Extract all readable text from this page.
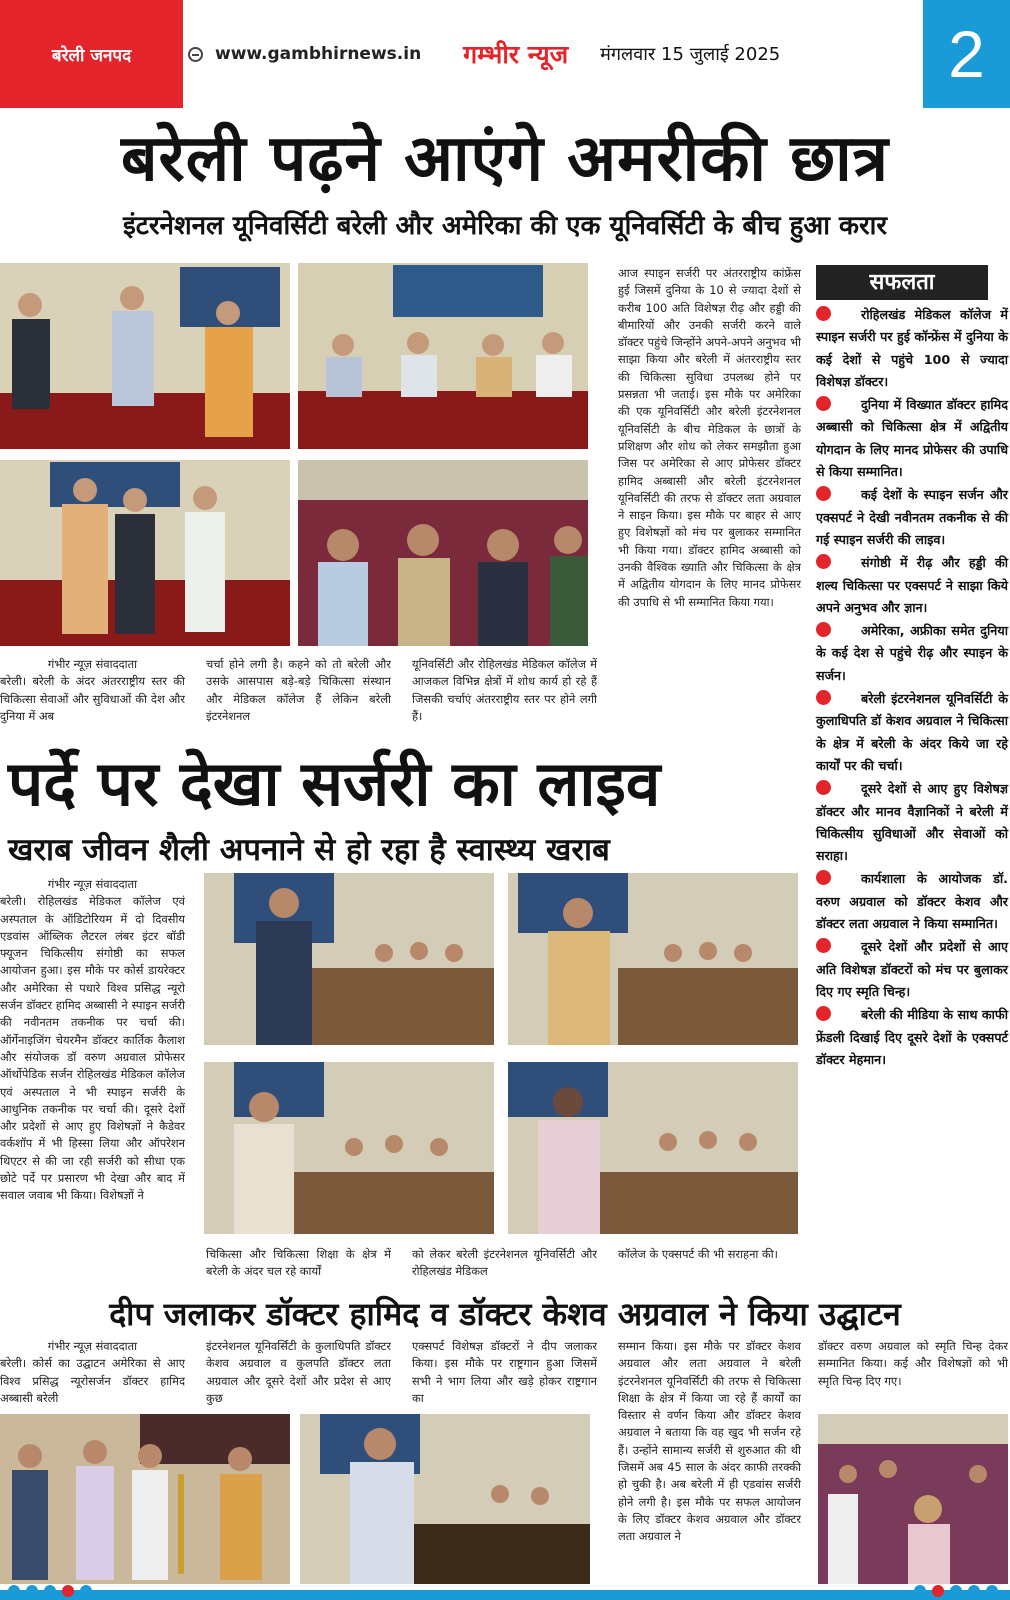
बरेली जनपद	www.gambhirnews.in गम्भीर न्यूज मंगलवार 15 जुलाई 2025	2
बरेली पढ़ने आएंगे अमरीकी छात्र
इंटरनेशनल यूनिवर्सिटी बरेली और अमेरिका की एक यूनिवर्सिटी के बीच हुआ करार
गंभीर न्यूज़ संवाददाता
बरेली। बरेली के अंदर अंतरराष्ट्रीय स्तर की चिकित्सा सेवाओं और सुविधाओं की देश और दुनिया में अब
चर्चा होने लगी है। कहने को तो बरेली और उसके आसपास बड़े-बड़े चिकित्सा संस्थान और मेडिकल कॉलेज हैं लेकिन बरेली इंटरनेशनल
यूनिवर्सिटी और रोहिलखंड मेडिकल कॉलेज में आजकल विभिन्न क्षेत्रों में शोध कार्य हो रहे हैं जिसकी चर्चाएं अंतरराष्ट्रीय स्तर पर होने लगी हैं।
आज स्पाइन सर्जरी पर अंतरराष्ट्रीय कांफ्रेंस हुई जिसमें दुनिया के 10 से ज्यादा देशों से करीब 100 अति विशेषज्ञ रीढ़ और हड्डी की बीमारियों और उनकी सर्जरी करने वाले डॉक्टर पहुंचे जिन्होंने अपने-अपने अनुभव भी साझा किया और बरेली में अंतरराष्ट्रीय स्तर की चिकित्सा सुविधा उपलब्ध होने पर प्रसन्नता भी जताई। इस मौके पर अमेरिका की एक यूनिवर्सिटी और बरेली इंटरनेशनल यूनिवर्सिटी के बीच मेडिकल के छात्रों के प्रशिक्षण और शोध को लेकर समझौता हुआ जिस पर अमेरिका से आए प्रोफेसर डॉक्टर हामिद अब्बासी और बरेली इंटरनेशनल यूनिवर्सिटी की तरफ से डॉक्टर लता अग्रवाल ने साइन किया। इस मौके पर बाहर से आए हुए विशेषज्ञों को मंच पर बुलाकर सम्मानित भी किया गया। डॉक्टर हामिद अब्बासी को उनकी वैश्विक ख्याति और चिकित्सा के क्षेत्र में अद्वितीय योगदान के लिए मानद प्रोफेसर की उपाधि से भी सम्मानित किया गया।
सफलता
रोहिलखंड मेडिकल कॉलेज में स्पाइन सर्जरी पर हुई कॉन्फ्रेंस में दुनिया के कई देशों से पहुंचे 100 से ज्यादा विशेषज्ञ डॉक्टर।
दुनिया में विख्यात डॉक्टर हामिद अब्बासी को चिकित्सा क्षेत्र में अद्वितीय योगदान के लिए मानद प्रोफेसर की उपाधि से किया सम्मानित।
कई देशों के स्पाइन सर्जन और एक्सपर्ट ने देखी नवीनतम तकनीक से की गई स्पाइन सर्जरी की लाइव।
संगोष्ठी में रीढ़ और हड्डी की शल्य चिकित्सा पर एक्सपर्ट ने साझा किये अपने अनुभव और ज्ञान।
अमेरिका, अफ्रीका समेत दुनिया के कई देश से पहुंचे रीढ़ और स्पाइन के सर्जन।
बरेली इंटरनेशनल यूनिवर्सिटी के कुलाधिपति डॉ केशव अग्रवाल ने चिकित्सा के क्षेत्र में बरेली के अंदर किये जा रहे कार्यों पर की चर्चा।
दूसरे देशों से आए हुए विशेषज्ञ डॉक्टर और मानव वैज्ञानिकों ने बरेली में चिकित्सीय सुविधाओं और सेवाओं को सराहा।
कार्यशाला के आयोजक डॉ. वरुण अग्रवाल को डॉक्टर केशव और डॉक्टर लता अग्रवाल ने किया सम्मानित।
दूसरे देशों और प्रदेशों से आए अति विशेषज्ञ डॉक्टरों को मंच पर बुलाकर दिए गए स्मृति चिन्ह।
बरेली की मीडिया के साथ काफी फ्रेंडली दिखाई दिए दूसरे देशों के एक्सपर्ट डॉक्टर मेहमान।
पर्दे पर देखा सर्जरी का लाइव
खराब जीवन शैली अपनाने से हो रहा है स्वास्थ्य खराब
गंभीर न्यूज़ संवाददाता
बरेली। रोहिलखंड मेडिकल कॉलेज एवं अस्पताल के ऑडिटोरियम में दो दिवसीय एडवांस ऑब्लिक लैटरल लंबर इंटर बॉडी फ्यूजन चिकित्सीय संगोष्ठी का सफल आयोजन हुआ। इस मौके पर कोर्स डायरेक्टर और अमेरिका से पधारे विश्व प्रसिद्ध न्यूरो सर्जन डॉक्टर हामिद अब्बासी ने स्पाइन सर्जरी की नवीनतम तकनीक पर चर्चा की। ऑर्गेनाइजिंग चेयरमैन डॉक्टर कार्तिक कैलाश और संयोजक डॉ वरुण अग्रवाल प्रोफेसर ऑर्थोपेडिक सर्जन रोहिलखंड मेडिकल कॉलेज एवं अस्पताल ने भी स्पाइन सर्जरी के आधुनिक तकनीक पर चर्चा की। दूसरे देशों और प्रदेशों से आए हुए विशेषज्ञों ने कैडेवर वर्कशॉप में भी हिस्सा लिया और ऑपरेशन थिएटर से की जा रही सर्जरी को सीधा एक छोटे पर्दे पर प्रसारण भी देखा और बाद में सवाल जवाब भी किया। विशेषज्ञों ने
चिकित्सा और चिकित्सा शिक्षा के क्षेत्र में बरेली के अंदर चल रहे कार्यों
को लेकर बरेली इंटरनेशनल यूनिवर्सिटी और रोहिलखंड मेडिकल
कॉलेज के एक्सपर्ट की भी सराहना की।
दीप जलाकर डॉक्टर हामिद व डॉक्टर केशव अग्रवाल ने किया उद्घाटन
गंभीर न्यूज़ संवाददाता
बरेली। कोर्स का उद्घाटन अमेरिका से आए विश्व प्रसिद्ध न्यूरोसर्जन डॉक्टर हामिद अब्बासी बरेली
इंटरनेशनल यूनिवर्सिटी के कुलाधिपति डॉक्टर केशव अग्रवाल व कुलपति डॉक्टर लता अग्रवाल और दूसरे देशों और प्रदेश से आए कुछ
एक्सपर्ट विशेषज्ञ डॉक्टरों ने दीप जलाकर किया। इस मौके पर राष्ट्रगान हुआ जिसमें सभी ने भाग लिया और खड़े होकर राष्ट्रगान का
सम्मान किया। इस मौके पर डॉक्टर केशव अग्रवाल और लता अग्रवाल ने बरेली इंटरनेशनल यूनिवर्सिटी की तरफ से चिकित्सा शिक्षा के क्षेत्र में किया जा रहे हैं कार्यों का विस्तार से वर्णन किया और डॉक्टर केशव अग्रवाल ने बताया कि वह खुद भी सर्जन रहे हैं। उन्होंने सामान्य सर्जरी से शुरुआत की थी जिसमें अब 45 साल के अंदर काफी तरक्की हो चुकी है। अब बरेली में ही एडवांस सर्जरी होने लगी है। इस मौके पर सफल आयोजन के लिए डॉक्टर केशव अग्रवाल और डॉक्टर लता अग्रवाल ने
डॉक्टर वरुण अग्रवाल को स्मृति चिन्ह देकर सम्मानित किया। कई और विशेषज्ञों को भी स्मृति चिन्ह दिए गए।
